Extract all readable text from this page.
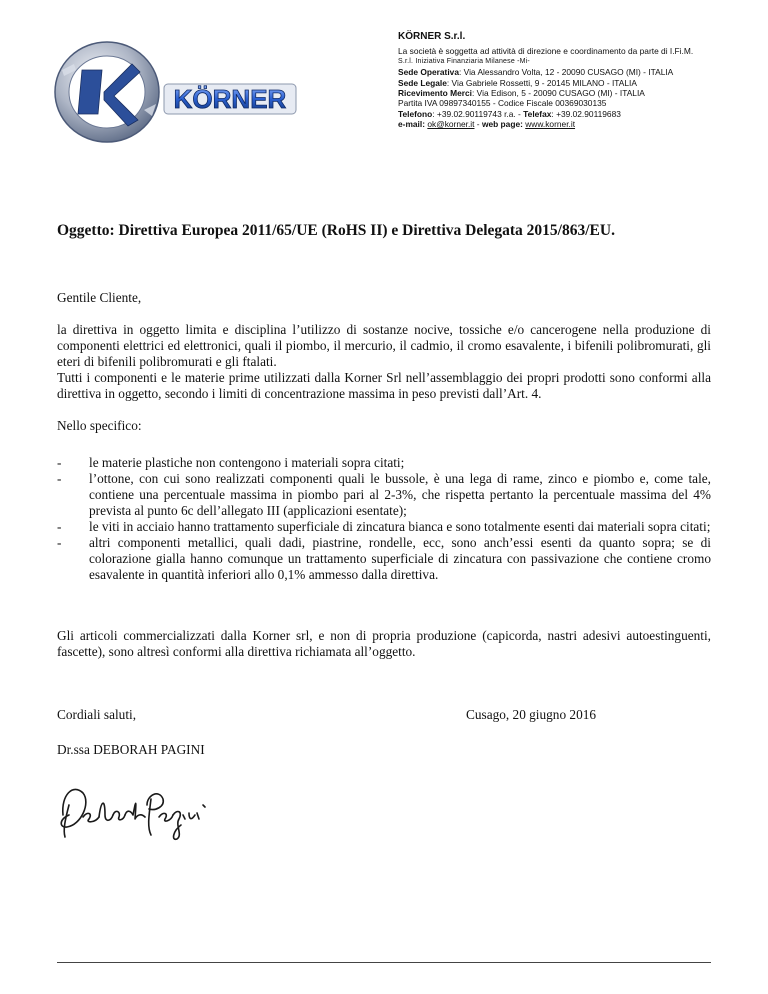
KÖRNER
KÖRNER S.r.l.
La società è soggetta ad attività di direzione e coordinamento da parte di I.Fi.M.
S.r.l. Iniziativa Finanziaria Milanese -Mi-
Sede Operativa: Via Alessandro Volta, 12 - 20090 CUSAGO (MI) - ITALIA
Sede Legale: Via Gabriele Rossetti, 9 - 20145 MILANO - ITALIA
Ricevimento Merci: Via Edison, 5 - 20090 CUSAGO (MI) - ITALIA
Partita IVA 09897340155 - Codice Fiscale 00369030135
Telefono: +39.02.90119743 r.a. - Telefax: +39.02.90119683
e-mail: ok@korner.it - web page: www.korner.it
Oggetto: Direttiva Europea 2011/65/UE (RoHS II) e Direttiva Delegata 2015/863/EU.
Gentile Cliente,
la direttiva in oggetto limita e disciplina l’utilizzo di sostanze nocive, tossiche e/o cancerogene nella produzione di componenti elettrici ed elettronici, quali il piombo, il mercurio, il cadmio, il cromo esavalente, i bifenili polibromurati, gli eteri di bifenili polibromurati e gli ftalati.
Tutti i componenti e le materie prime utilizzati dalla Korner Srl nell’assemblaggio dei propri prodotti sono conformi alla direttiva in oggetto, secondo i limiti di concentrazione massima in peso previsti dall’Art. 4.
Nello specifico:
- le materie plastiche non contengono i materiali sopra citati;
- l’ottone, con cui sono realizzati componenti quali le bussole, è una lega di rame, zinco e piombo e, come tale, contiene una percentuale massima in piombo pari al 2-3%, che rispetta pertanto la percentuale massima del 4% prevista al punto 6c dell’allegato III (applicazioni esentate);
- le viti in acciaio hanno trattamento superficiale di zincatura bianca e sono totalmente esenti dai materiali sopra citati;
- altri componenti metallici, quali dadi, piastrine, rondelle, ecc, sono anch’essi esenti da quanto sopra; se di colorazione gialla hanno comunque un trattamento superficiale di zincatura con passivazione che contiene cromo esavalente in quantità inferiori allo 0,1% ammesso dalla direttiva.
Gli articoli commercializzati dalla Korner srl, e non di propria produzione (capicorda, nastri adesivi autoestinguenti, fascette), sono altresì conformi alla direttiva richiamata all’oggetto.
Cordiali saluti,	Cusago, 20 giugno 2016
Dr.ssa DEBORAH PAGINI
